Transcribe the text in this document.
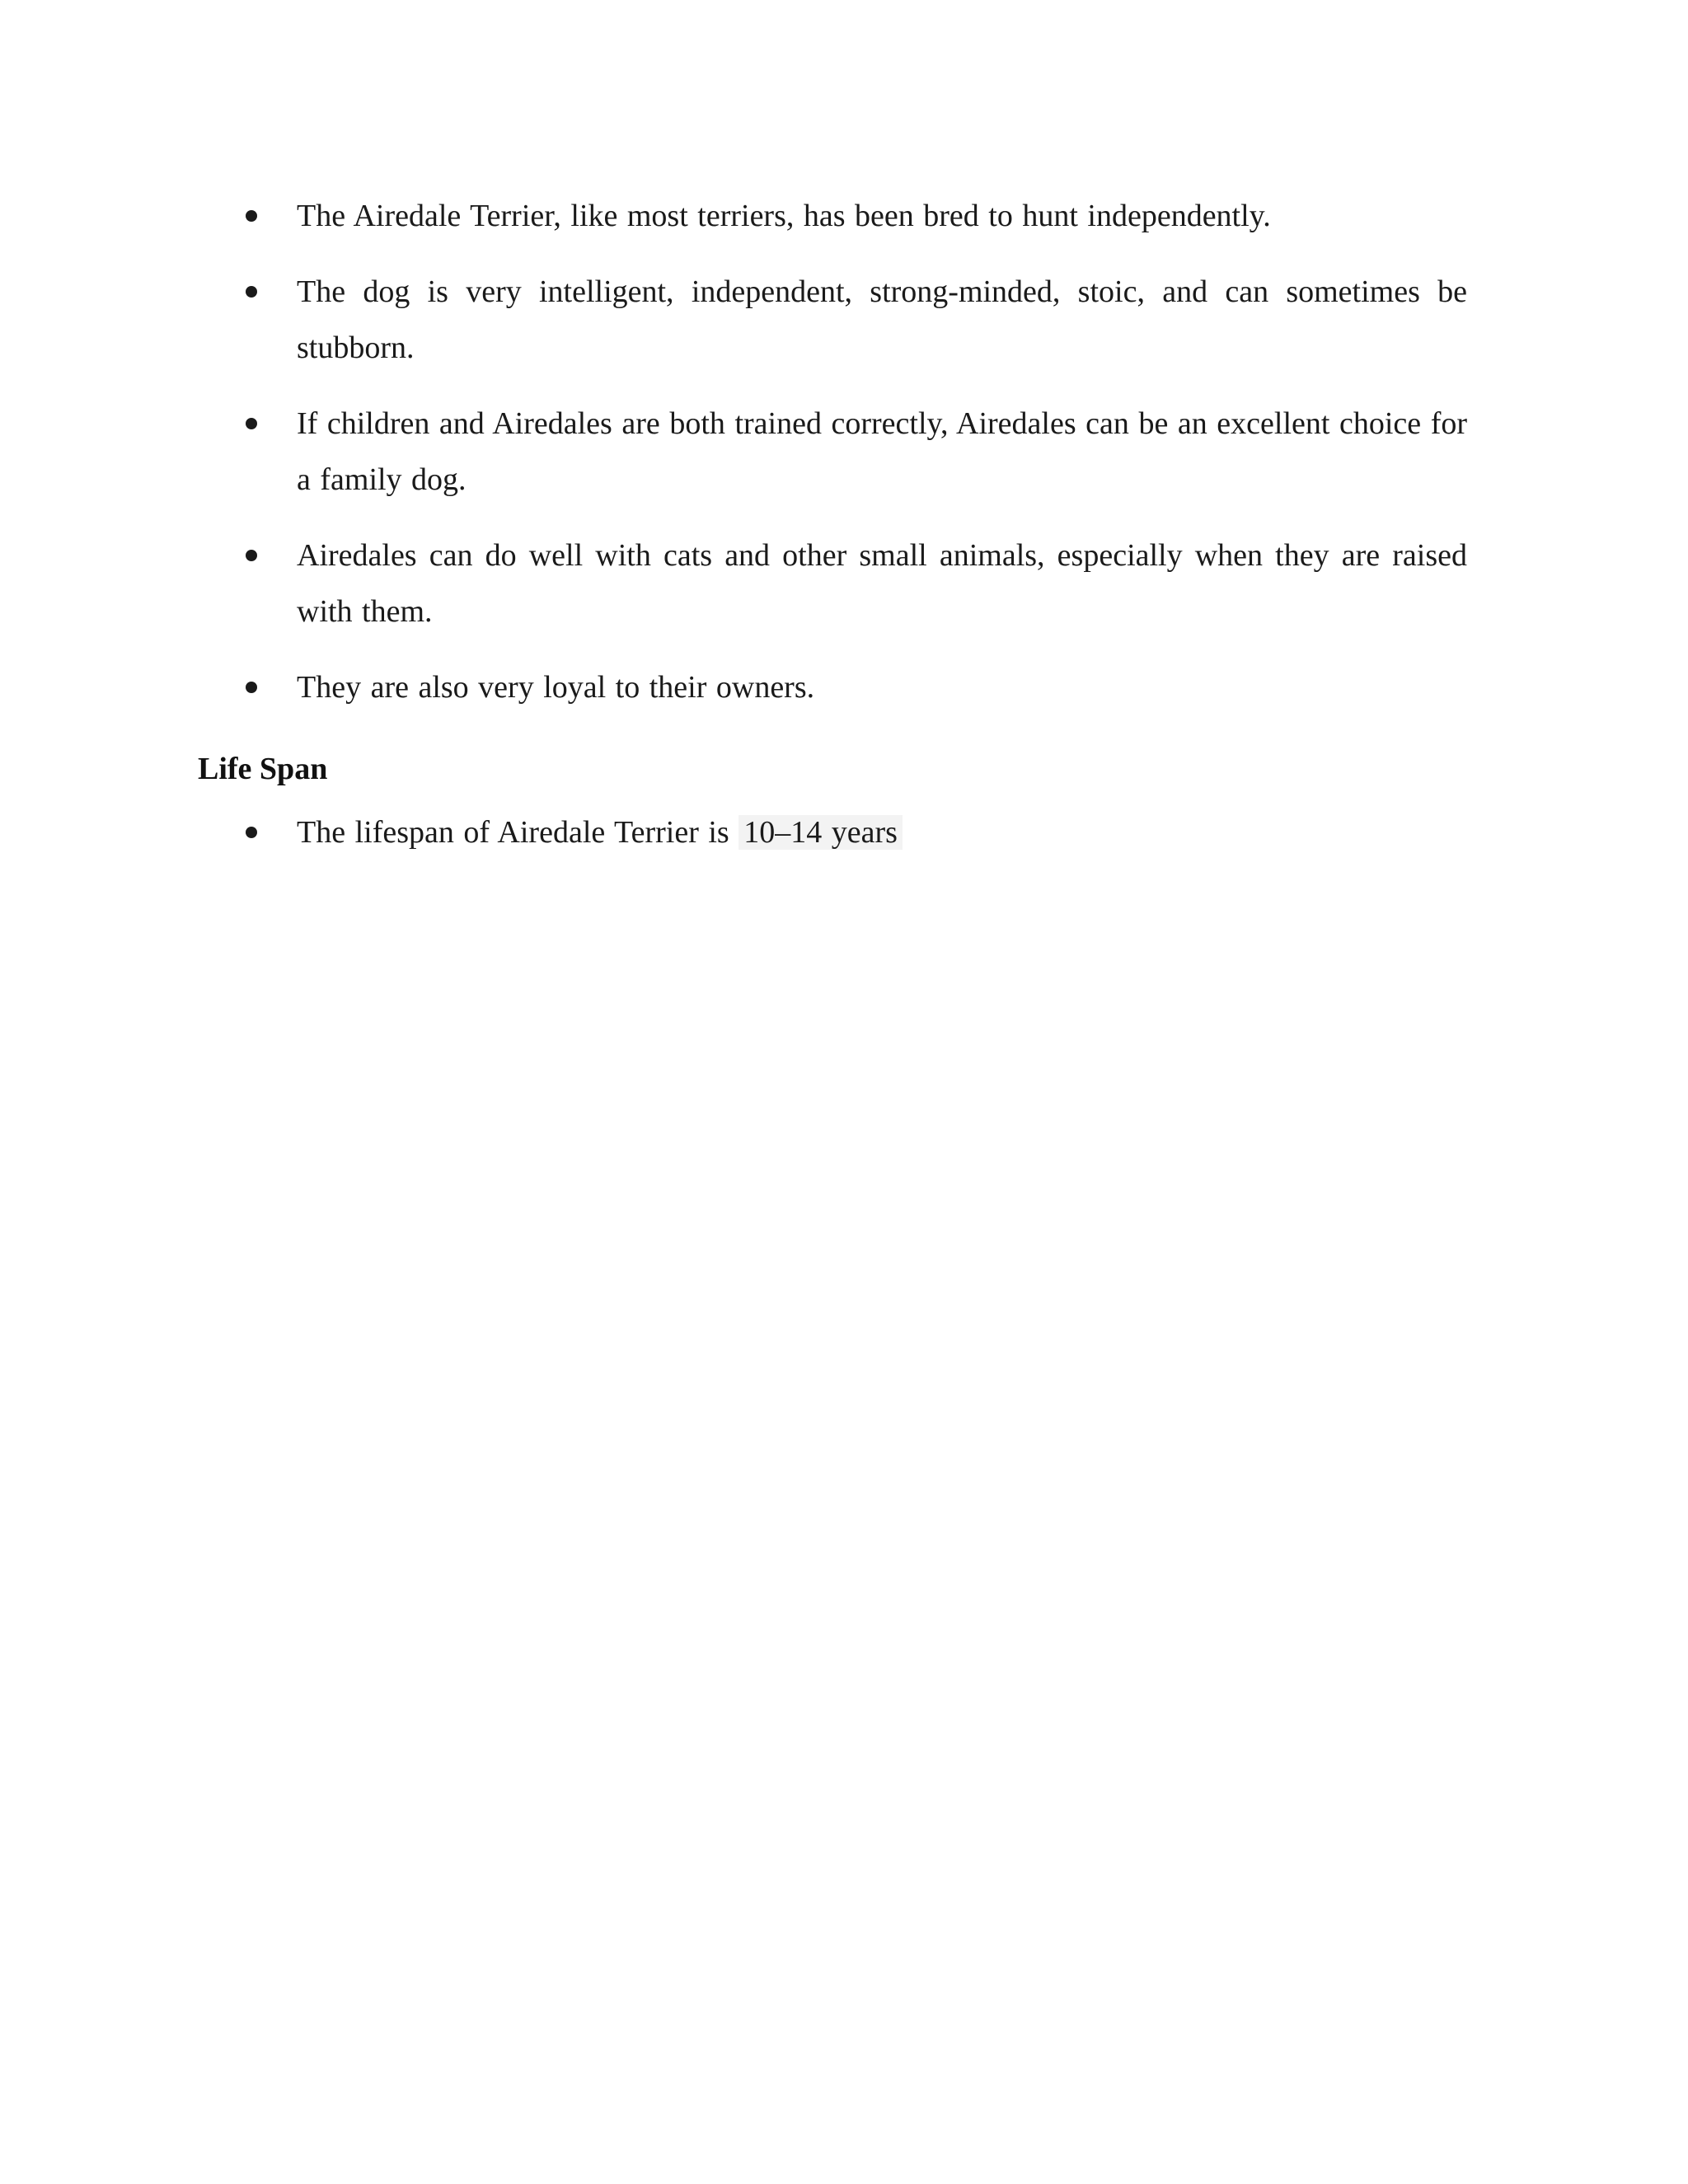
The Airedale Terrier, like most terriers, has been bred to hunt independently.
The dog is very intelligent, independent, strong-minded, stoic, and can sometimes be stubborn.
If children and Airedales are both trained correctly, Airedales can be an excellent choice for a family dog.
Airedales can do well with cats and other small animals, especially when they are raised with them.
They are also very loyal to their owners.
Life Span
The lifespan of Airedale Terrier is 10–14 years
